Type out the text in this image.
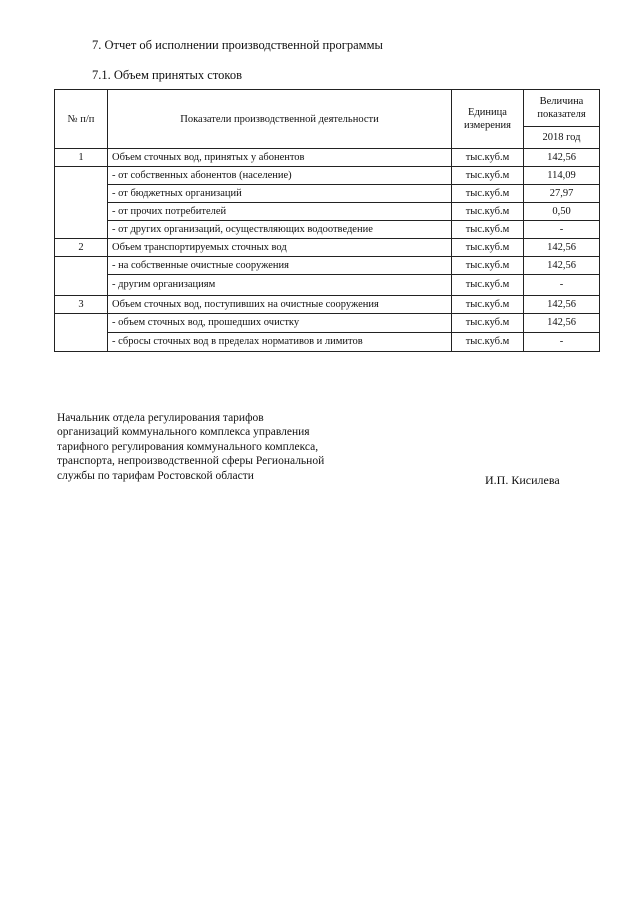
7. Отчет об исполнении производственной программы
7.1. Объем принятых стоков
№ п/п	Показатели производственной деятельности	Единица измерения	Величина показателя
			2018 год
1	Объем сточных вод, принятых у абонентов	тыс.куб.м	142,56
	- от собственных абонентов (население)	тыс.куб.м	114,09
	- от бюджетных организаций	тыс.куб.м	27,97
	- от прочих потребителей	тыс.куб.м	0,50
	- от других организаций, осуществляющих водоотведение	тыс.куб.м	-
2	Объем транспортируемых сточных вод	тыс.куб.м	142,56
	- на собственные очистные сооружения	тыс.куб.м	142,56
	- другим организациям	тыс.куб.м	-
3	Объем сточных вод, поступивших на очистные сооружения	тыс.куб.м	142,56
	- объем сточных вод, прошедших очистку	тыс.куб.м	142,56
	- сбросы сточных вод в пределах нормативов и лимитов	тыс.куб.м	-
Начальник отдела регулирования тарифов
организаций коммунального комплекса управления
тарифного регулирования коммунального комплекса,
транспорта, непроизводственной сферы Региональной
службы по тарифам Ростовской области	И.П. Кисилева
